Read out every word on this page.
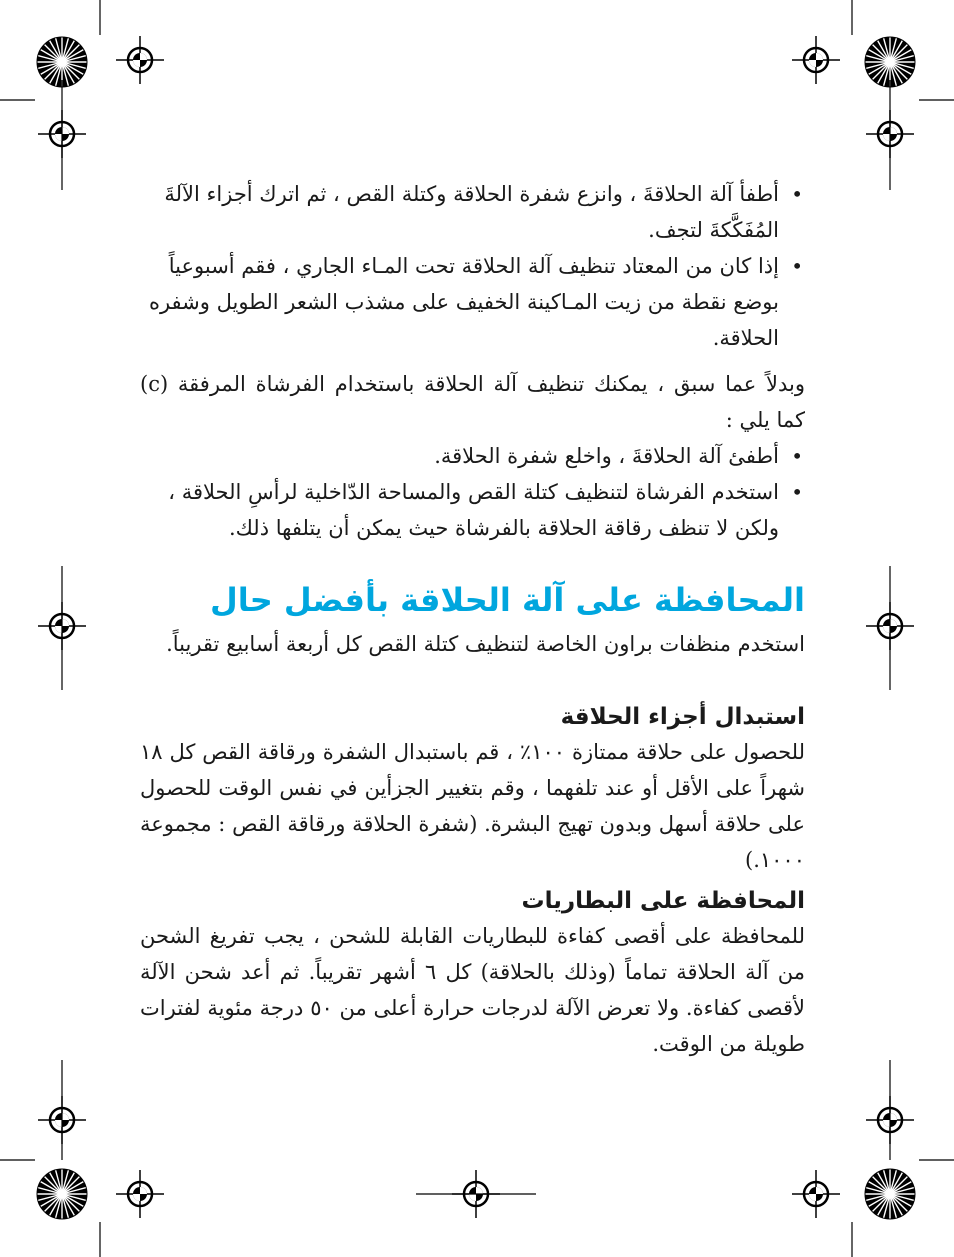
• أطفأ آلة الحلاقةَ ، وانزع شفرة الحلاقة وكتلة القص ، ثم اترك أجزاء الآلةَ المُفَكَّكةَ لتجف.
• إذا كان من المعتاد تنظيف آلة الحلاقة تحت المـاء الجاري ، فقم أسبوعياً بوضع نقطة من زيت المـاكينة الخفيف على مشذب الشعر الطويل وشفره الحلاقة.

وبدلاً عما سبق ، يمكنك تنظيف آلة الحلاقة باستخدام الفرشاة المرفقة (c) كما يلي :

• أطفئ آلة الحلاقةَ ، واخلع شفرة الحلاقة.
• استخدم الفرشاة لتنظيف كتلة القص والمساحة الدّاخلية لرأسِ الحلاقة ، ولكن لا تنظف رقاقة الحلاقة بالفرشاة حيث يمكن أن يتلفها ذلك.
المحافظة على آلة الحلاقة بأفضل حال

استخدم منظفات براون الخاصة لتنظيف كتلة القص كل أربعة أسابيع تقريباً.

استبدال أجزاء الحلاقة

للحصول على حلاقة ممتازة ١٠٠٪ ، قم باستبدال الشفرة ورقاقة القص كل ١٨ شهراً على الأقل أو عند تلفهما ، وقم بتغيير الجزأين في نفس الوقت للحصول على حلاقة أسهل وبدون تهيج البشرة. (شفرة الحلاقة ورقاقة القص : مجموعة ١٠٠٠.)

المحافظة على البطاريات

للمحافظة على أقصى كفاءة للبطاريات القابلة للشحن ، يجب تفريغ الشحن من آلة الحلاقة تماماً (وذلك بالحلاقة) كل ٦ أشهر تقريباً. ثم أعد شحن الآلة لأقصى كفاءة. ولا تعرض الآلة لدرجات حرارة أعلى من ٥٠ درجة مئوية لفترات طويلة من الوقت.
